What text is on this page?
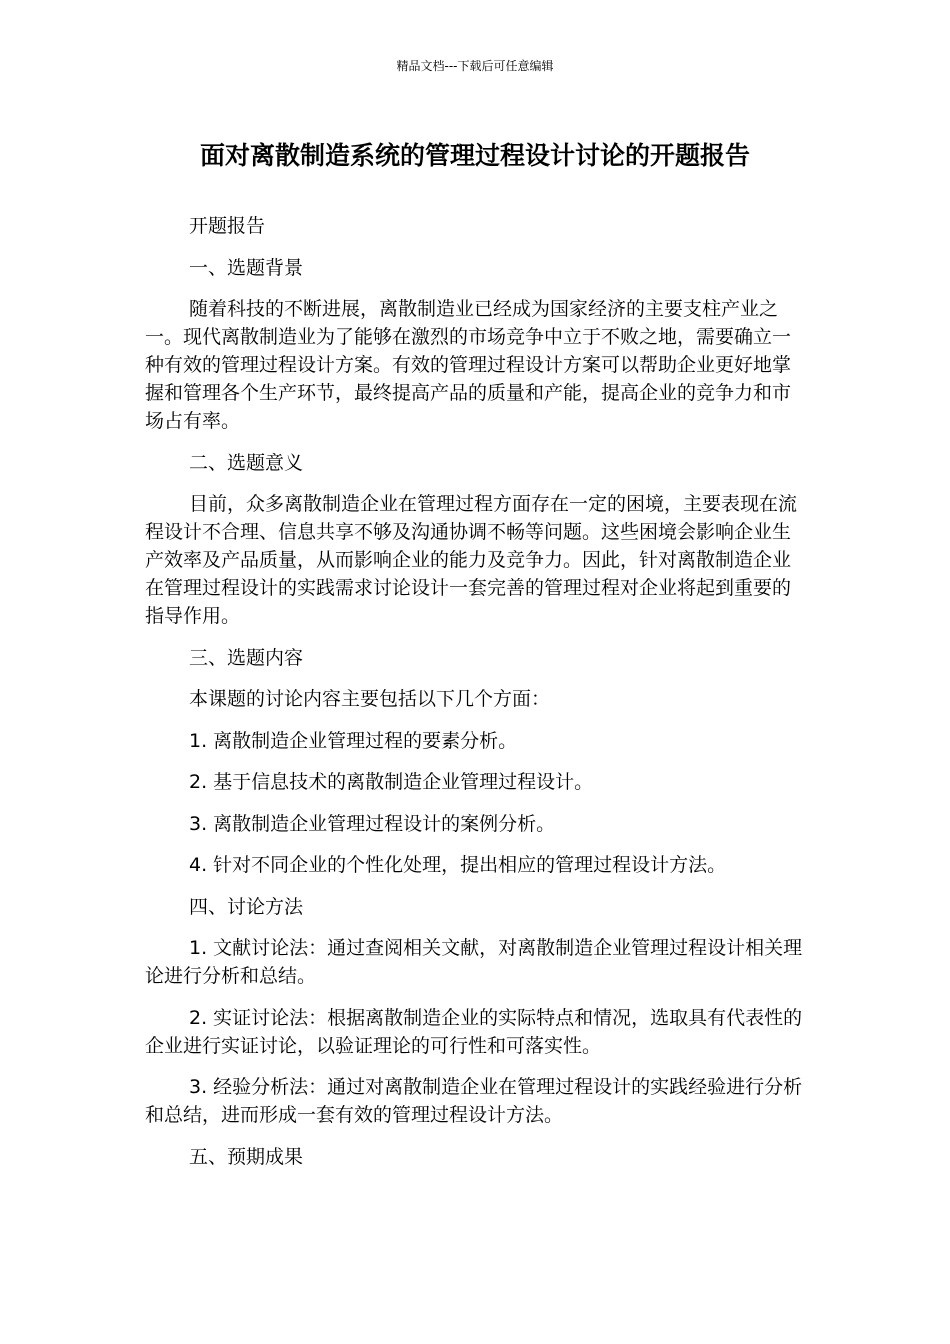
精品文档---下载后可任意编辑
面对离散制造系统的管理过程设计讨论的开题报告

开题报告

一、选题背景

随着科技的不断进展，离散制造业已经成为国家经济的主要支柱产业之一。现代离散制造业为了能够在激烈的市场竞争中立于不败之地，需要确立一种有效的管理过程设计方案。有效的管理过程设计方案可以帮助企业更好地掌握和管理各个生产环节，最终提高产品的质量和产能，提高企业的竞争力和市场占有率。

二、选题意义

目前，众多离散制造企业在管理过程方面存在一定的困境，主要表现在流程设计不合理、信息共享不够及沟通协调不畅等问题。这些困境会影响企业生产效率及产品质量，从而影响企业的能力及竞争力。因此，针对离散制造企业在管理过程设计的实践需求讨论设计一套完善的管理过程对企业将起到重要的指导作用。

三、选题内容

本课题的讨论内容主要包括以下几个方面：

1. 离散制造企业管理过程的要素分析。

2. 基于信息技术的离散制造企业管理过程设计。

3. 离散制造企业管理过程设计的案例分析。

4. 针对不同企业的个性化处理，提出相应的管理过程设计方法。

四、讨论方法

1. 文献讨论法：通过查阅相关文献，对离散制造企业管理过程设计相关理论进行分析和总结。

2. 实证讨论法：根据离散制造企业的实际特点和情况，选取具有代表性的企业进行实证讨论，以验证理论的可行性和可落实性。

3. 经验分析法：通过对离散制造企业在管理过程设计的实践经验进行分析和总结，进而形成一套有效的管理过程设计方法。

五、预期成果
